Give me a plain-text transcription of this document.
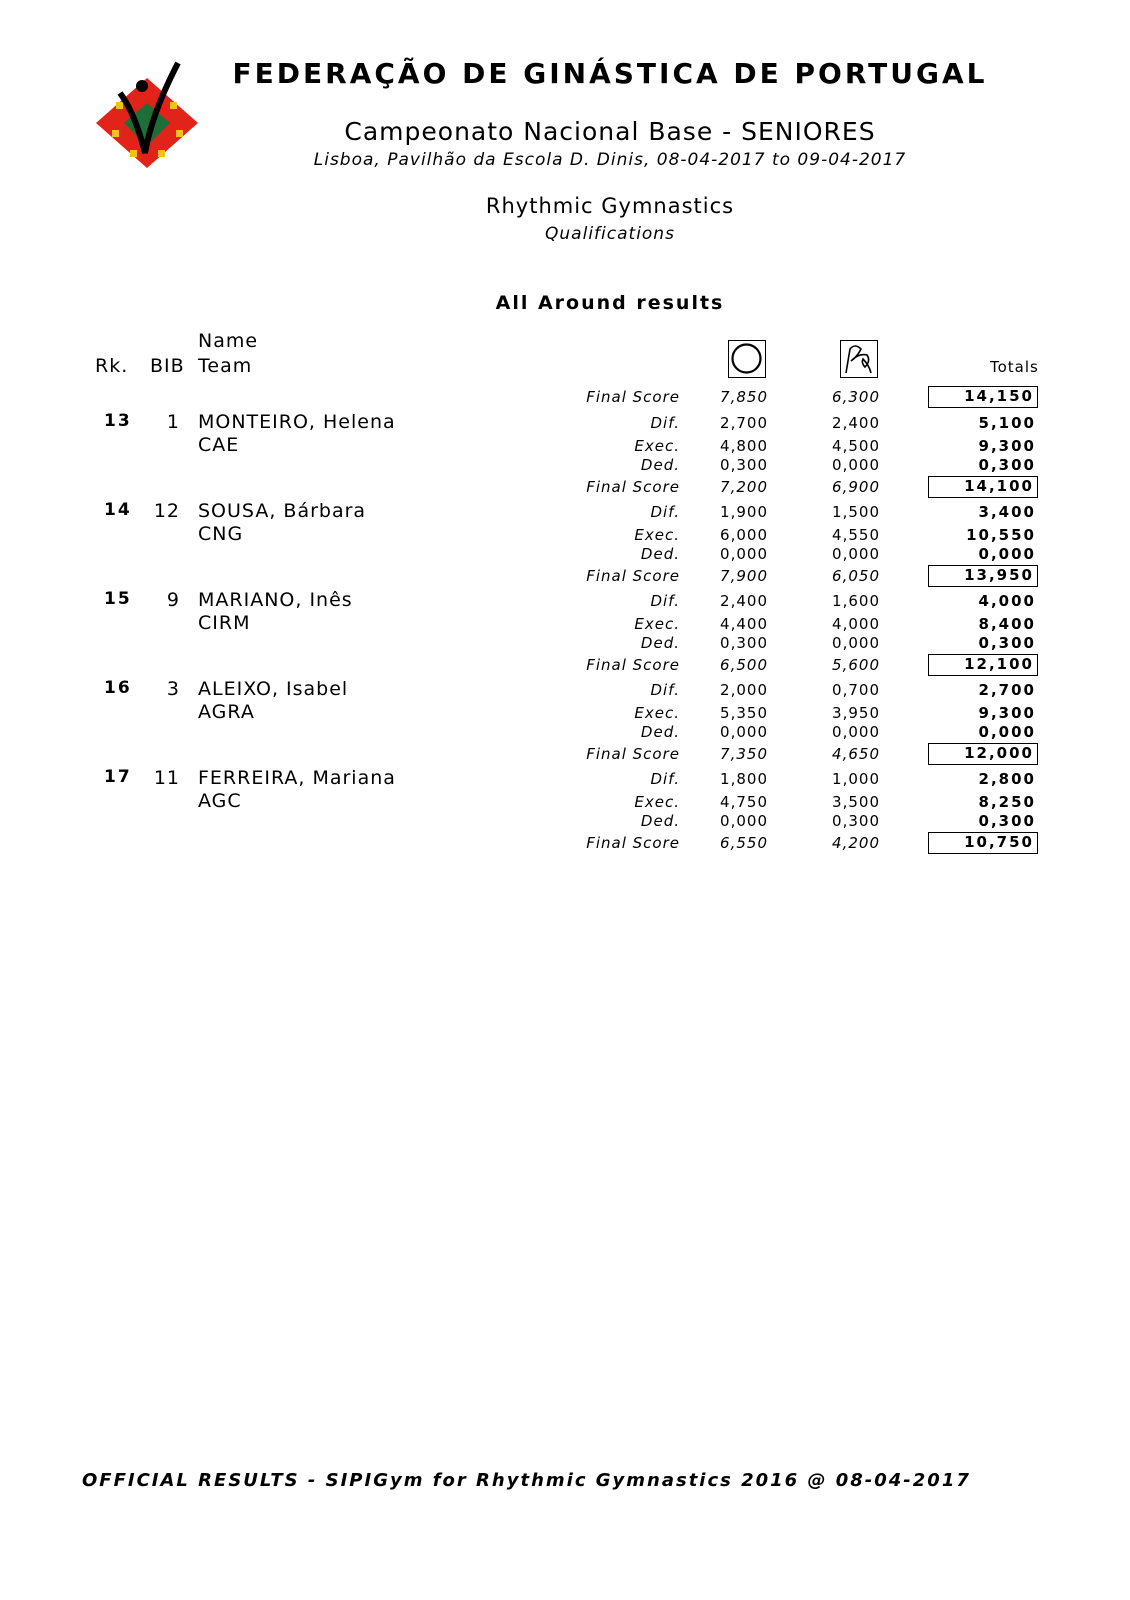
FEDERAÇÃO DE GINÁSTICA DE PORTUGAL
Campeonato Nacional Base - SENIORES
Lisboa, Pavilhão da Escola D. Dinis, 08-04-2017 to 09-04-2017
Rhythmic Gymnastics
Qualifications
All Around results
Name
Rk. BIB Team	Totals
Final Score	7,850	6,300	14,150
13	1 MONTEIRO, Helena
CAE
Dif.	2,700	2,400	5,100
Exec.	4,800	4,500	9,300
Ded.	0,300	0,000	0,300
Final Score	7,200	6,900	14,100
14 12 SOUSA, Bárbara
CNG
Dif.	1,900	1,500	3,400
Exec.	6,000	4,550	10,550
Ded.	0,000	0,000	0,000
Final Score	7,900	6,050	13,950
15	9 MARIANO, Inês
CIRM
Dif.	2,400	1,600	4,000
Exec.	4,400	4,000	8,400
Ded.	0,300	0,000	0,300
Final Score	6,500	5,600	12,100
16	3 ALEIXO, Isabel
AGRA
Dif.	2,000	0,700	2,700
Exec.	5,350	3,950	9,300
Ded.	0,000	0,000	0,000
Final Score	7,350	4,650	12,000
17 11 FERREIRA, Mariana
AGC
Dif.	1,800	1,000	2,800
Exec.	4,750	3,500	8,250
Ded.	0,000	0,300	0,300
Final Score	6,550	4,200	10,750
OFFICIAL RESULTS - SIPIGym for Rhythmic Gymnastics 2016 @ 08-04-2017
